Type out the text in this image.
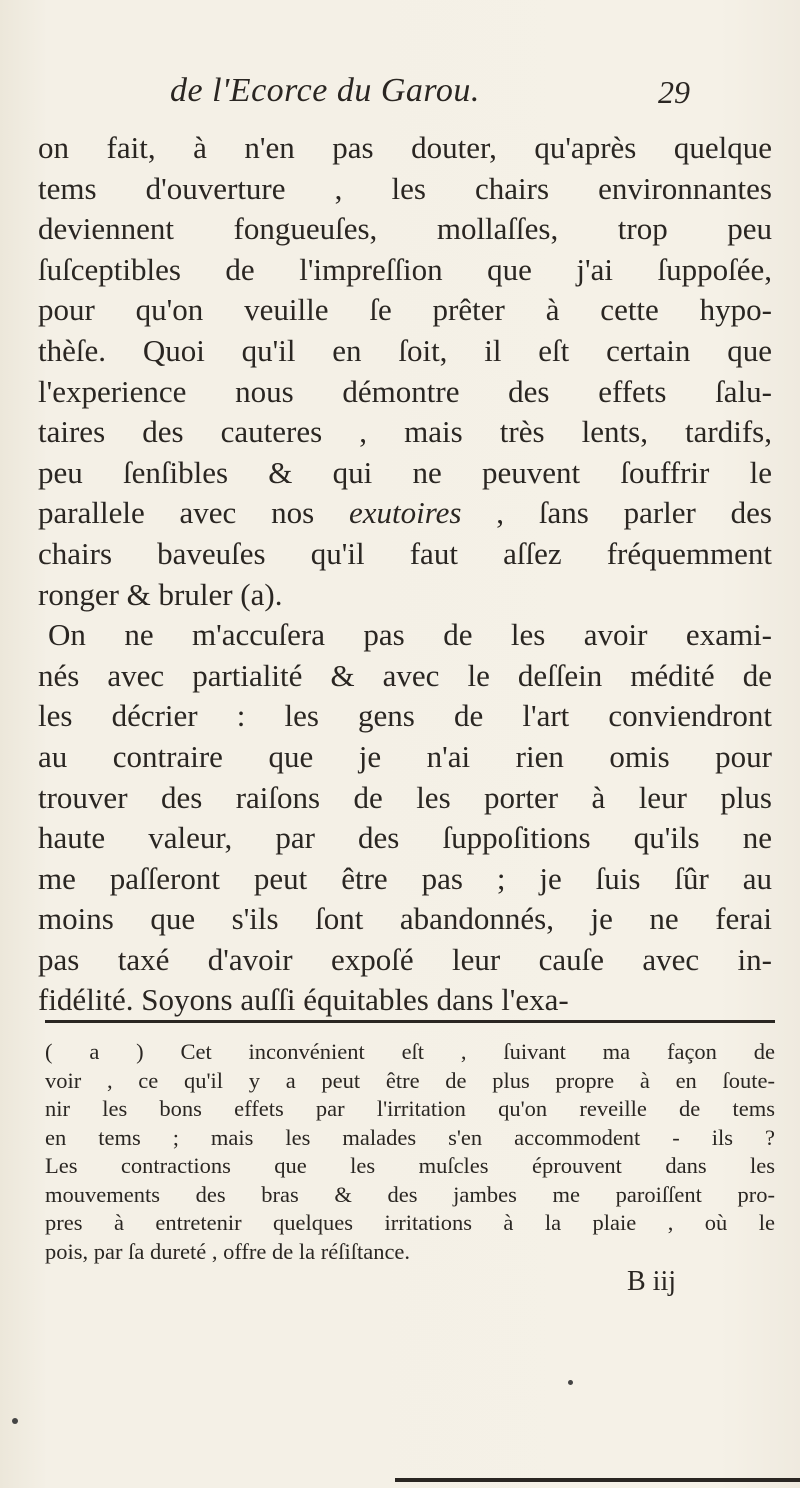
de l'Ecorce du Garou.	29
on fait, à n'en pas douter, qu'après quelque
tems d'ouverture , les chairs environnantes
deviennent fongueuſes, mollaſſes, trop peu
ſuſceptibles de l'impreſſion que j'ai ſuppoſée,
pour qu'on veuille ſe prêter à cette hypo-
thèſe. Quoi qu'il en ſoit, il eſt certain que
l'experience nous démontre des effets ſalu-
taires des cauteres , mais très lents, tardifs,
peu ſenſibles & qui ne peuvent ſouffrir le
parallele avec nos exutoires , ſans parler des
chairs baveuſes qu'il faut aſſez fréquemment
ronger & bruler (a).
On ne m'accuſera pas de les avoir exami-
nés avec partialité & avec le deſſein médité de
les décrier : les gens de l'art conviendront
au contraire que je n'ai rien omis pour
trouver des raiſons de les porter à leur plus
haute valeur, par des ſuppoſitions qu'ils ne
me paſſeront peut être pas ; je ſuis ſûr au
moins que s'ils ſont abandonnés, je ne ferai
pas taxé d'avoir expoſé leur cauſe avec in-
fidélité. Soyons auſſi équitables dans l'exa-
( a ) Cet inconvénient eſt , ſuivant ma façon de
voir , ce qu'il y a peut être de plus propre à en ſoute-
nir les bons effets par l'irritation qu'on reveille de tems
en tems ; mais les malades s'en accommodent - ils ?
Les contractions que les muſcles éprouvent dans les
mouvements des bras & des jambes me paroiſſent pro-
pres à entretenir quelques irritations à la plaie , où le
pois, par ſa dureté , offre de la réſiſtance.
B iij
